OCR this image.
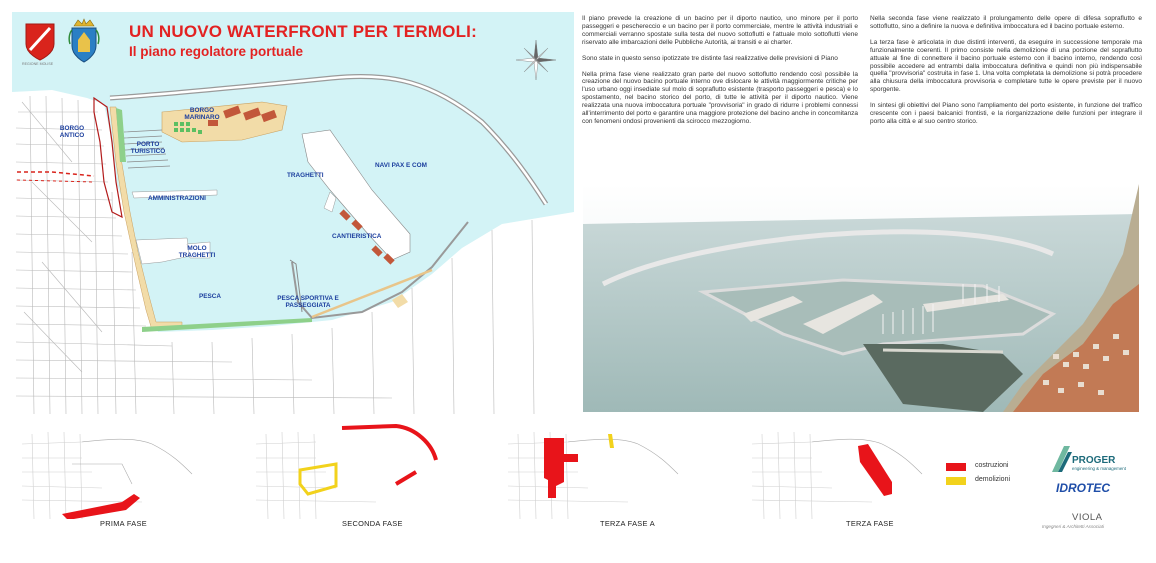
REGIONE MOLISE
UN NUOVO WATERFRONT PER TERMOLI:
Il piano regolatore portuale
BORGO ANTICO
BORGO MARINARO
PORTO TURISTICO
NAVI PAX E COM
TRAGHETTI
AMMINISTRAZIONI
CANTIERISTICA
MOLO TRAGHETTI
PESCA	PESCA SPORTIVA E PASSEGGIATA

Il piano prevede la creazione di un bacino per il diporto nautico, uno minore per il porto passeggeri e peschereccio e un bacino per il porto commerciale, mentre le attività industriali e commerciali verranno spostate sulla testa del nuovo sottoflutti e l'attuale molo sottoflutti viene riservato alle imbarcazioni delle Pubbliche Autorità, ai transiti e ai charter.

Sono state in questo senso ipotizzate tre distinte fasi realizzative delle previsioni di Piano

Nella prima fase viene realizzato gran parte del nuovo sottoflutto rendendo così possibile la creazione del nuovo bacino portuale interno ove dislocare le attività maggiormente critiche per l'uso urbano oggi insediate sul molo di sopraflutto esistente (trasporto passeggeri e pesca) e lo spostamento, nel bacino storico del porto, di tutte le attività per il diporto nautico. Viene realizzata una nuova imboccatura portuale "provvisoria" in grado di ridurre i problemi connessi all'interrimento del porto e garantire una maggiore protezione del bacino anche in concomitanza con fenomeni ondosi provenienti da scirocco mezzogiorno.

Nella seconda fase viene realizzato il prolungamento delle opere di difesa sopraflutto e sottoflutto, sino a definire la nuova e definitiva imboccatura ed il bacino portuale esterno.

La terza fase è articolata in due distinti interventi, da eseguire in successione temporale ma funzionalmente coerenti. Il primo consiste nella demolizione di una porzione del sopraflutto attuale al fine di connettere il bacino portuale esterno con il bacino interno, rendendo così possibile accedere ad entrambi dalla imboccatura definitiva e quindi non più indispensabile quella "provvisoria" costruita in fase 1. Una volta completata la demolizione si potrà procedere alla chiusura della imboccatura provvisoria e completare tutte le opere previste per il nuovo sporgente.

In sintesi gli obiettivi del Piano sono l'ampliamento del porto esistente, in funzione del traffico crescente con i paesi balcanici frontisti, e la riorganizzazione delle funzioni per integrare il porto alla città e al suo centro storico.

PRIMA FASE	SECONDA FASE	TERZA FASE A	TERZA FASE
costruzioni
demolizioni
PROGER
engineering & management
IDROTEC
VIOLA
Ingegneri & Architetti Associati
